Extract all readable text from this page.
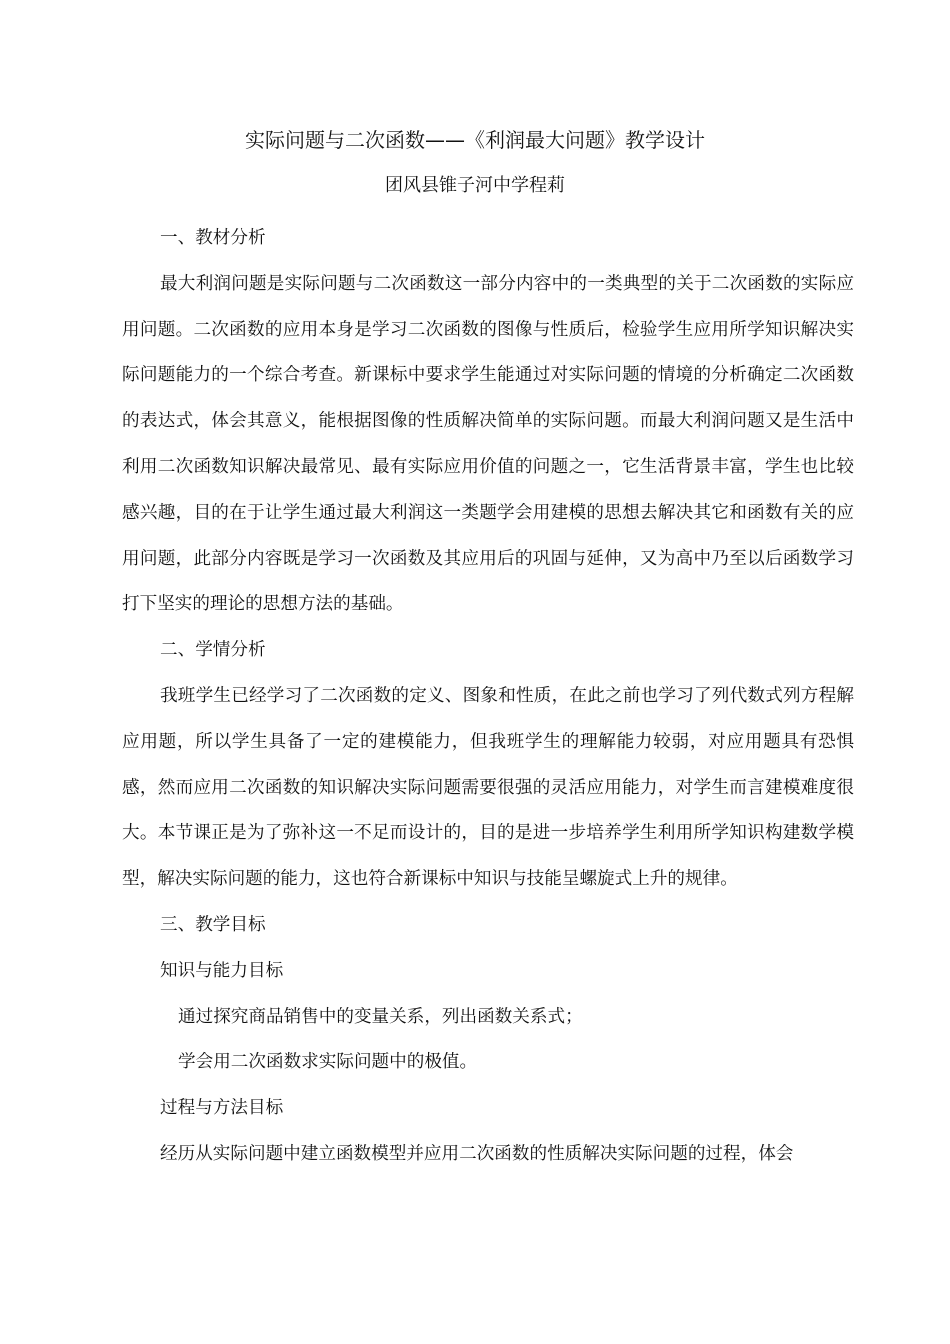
实际问题与二次函数——《利润最大问题》教学设计
团风县锥子河中学程莉

一、教材分析

最大利润问题是实际问题与二次函数这一部分内容中的一类典型的关于二次函数的实际应用问题。二次函数的应用本身是学习二次函数的图像与性质后，检验学生应用所学知识解决实际问题能力的一个综合考查。新课标中要求学生能通过对实际问题的情境的分析确定二次函数的表达式，体会其意义，能根据图像的性质解决简单的实际问题。而最大利润问题又是生活中利用二次函数知识解决最常见、最有实际应用价值的问题之一，它生活背景丰富，学生也比较感兴趣，目的在于让学生通过最大利润这一类题学会用建模的思想去解决其它和函数有关的应用问题，此部分内容既是学习一次函数及其应用后的巩固与延伸，又为高中乃至以后函数学习打下坚实的理论的思想方法的基础。

二、学情分析

我班学生已经学习了二次函数的定义、图象和性质，在此之前也学习了列代数式列方程解应用题，所以学生具备了一定的建模能力，但我班学生的理解能力较弱，对应用题具有恐惧感，然而应用二次函数的知识解决实际问题需要很强的灵活应用能力，对学生而言建模难度很大。本节课正是为了弥补这一不足而设计的，目的是进一步培养学生利用所学知识构建数学模型，解决实际问题的能力，这也符合新课标中知识与技能呈螺旋式上升的规律。

三、教学目标

知识与能力目标

通过探究商品销售中的变量关系，列出函数关系式；

学会用二次函数求实际问题中的极值。

过程与方法目标

经历从实际问题中建立函数模型并应用二次函数的性质解决实际问题的过程，体会
